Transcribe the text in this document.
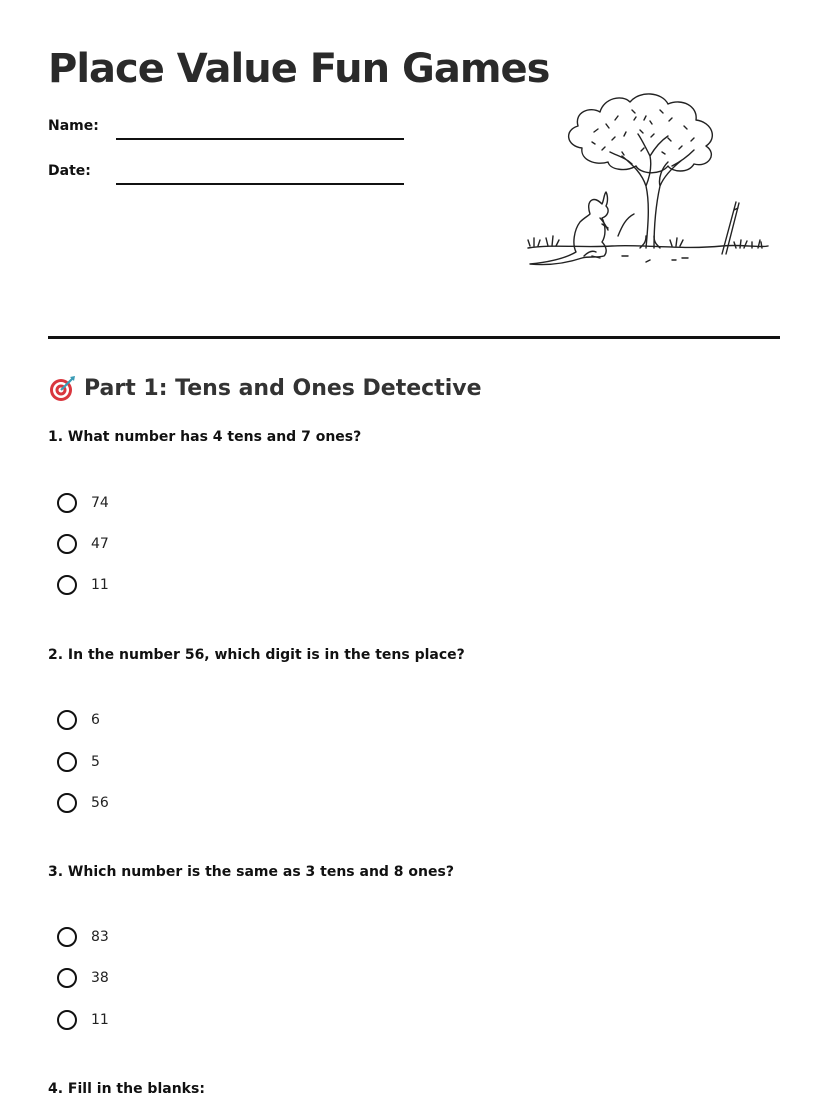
Place Value Fun Games
Name:
Date:
Part 1: Tens and Ones Detective
1. What number has 4 tens and 7 ones?
74
47
11
2. In the number 56, which digit is in the tens place?
6
5
56
3. Which number is the same as 3 tens and 8 ones?
83
38
11
4. Fill in the blanks:
